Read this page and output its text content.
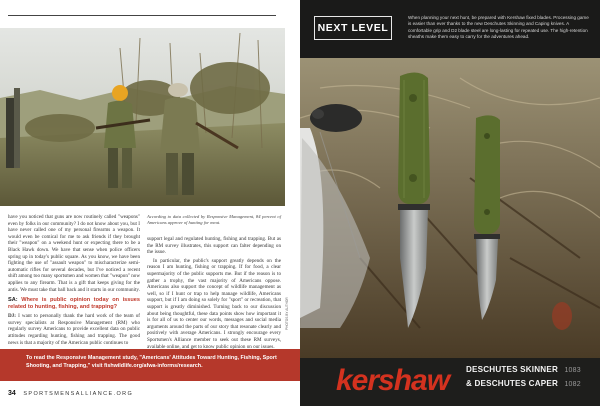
have you noticed that guns are now routinely called "weapons" even by folks in our community? I do not know about you, but I have never called one of my personal firearms a weapon. It would even be comical for me to ask friends if they brought their "weapon" on a weekend hunt or expecting there to be a Black Hawk down. We have that sense when police officers spring up in today's public square. As you know, we have been fighting the use of "assault weapon" to mischaracterize semi-automatic rifles for several decades, but I've noticed a recent shift among too many sportsmen and women that "weapon" now applies to any firearm. That is a gift that keeps giving for the antis. We must take that ball back and it starts in our community.

SA: Where is public opinion today on issues related to hunting, fishing, and trapping?

DJ: I want to personally thank the hard work of the team of survey specialists at Responsive Management (RM) who regularly survey Americans to provide excellent data on public attitudes regarding hunting, fishing and trapping. The good news is that a majority of the American public continues to

According to data collected by Responsive Management, 84 percent of Americans approve of hunting for meat.

support legal and regulated hunting, fishing and trapping. But as the RM survey illustrates, this support can falter depending on the issue.

In particular, the public's support greatly depends on the reason I am hunting, fishing or trapping. If for food, a clear supermajority of the public supports me. But if the reason is to gather a trophy, the vast majority of Americans oppose. Americans also support the concept of wildlife management as well, so if I hunt or trap to help manage wildlife, Americans support, but if I am doing so solely for "sport" or recreation, that support is greatly diminished. Turning back to our discussion about being thoughtful, these data points show how important it is for all of us to center our words, messages and social media arguments around the parts of our story that resonate clearly and positively with average Americans. I strongly encourage every Sportsmen's Alliance member to seek out these RM surveys, available online, and get to know public opinion on our issues.

PHOTOS BY AUTHOR
To read the Responsive Management study, "Americans' Attitudes Toward Hunting, Fishing, Sport Shooting, and Trapping," visit fishwildlife.org/afwa-informs/research.
34 SPORTSMENSALLIANCE.ORG
NEXT LEVEL
When planning your next hunt, be prepared with Kershaw fixed blades. Processing game is easier than ever thanks to the new Deschutes Skinning and Caping knives. A comfortable grip and D2 blade steel are long-lasting for repeated use. The high-retention sheaths make them easy to carry for the adventures ahead.
kershaw	DESCHUTES SKINNER 1083
& DESCHUTES CAPER 1082
